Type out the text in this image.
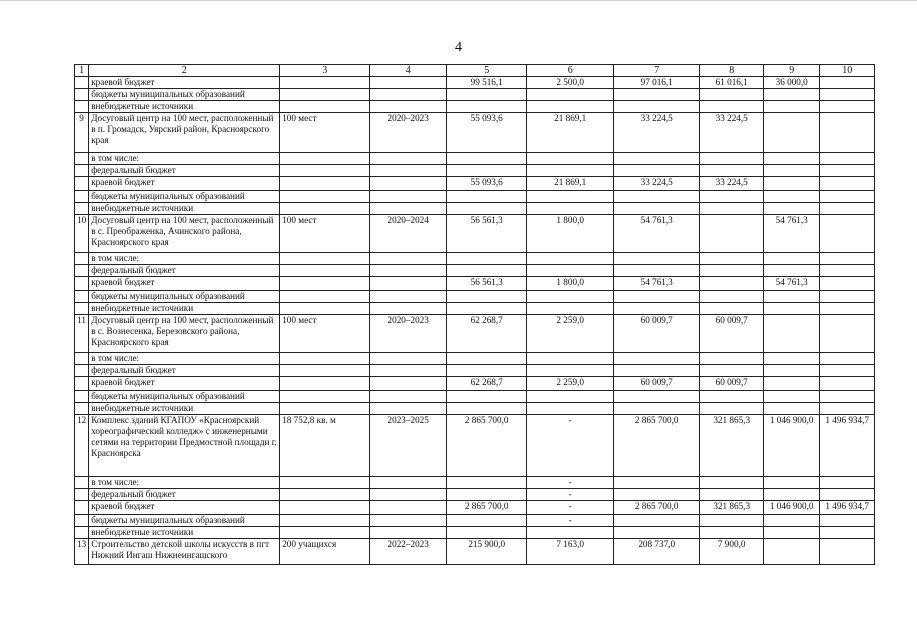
4
1	2	3	4	5	6	7	8	9	10
	краевой бюджет			99 516,1	2 500,0	97 016,1	61 016,1	36 000,0	
	бюджеты муниципальных образований								
	внебюджетные источники								
9	Досуговый центр на 100 мест, расположенный в п. Громадск, Уярский район, Красноярского края	100 мест	2020–2023	55 093,6	21 869,1	33 224,5	33 224,5		
	в том числе:								
	федеральный бюджет								
	краевой бюджет			55 093,6	21 869,1	33 224,5	33 224,5		
	бюджеты муниципальных образований								
	внебюджетные источники								
10	Досуговый центр на 100 мест, расположенный в с. Преображенка, Ачинского района, Красноярского края	100 мест	2020–2024	56 561,3	1 800,0	54 761,3		54 761,3	
	в том числе:								
	федеральный бюджет								
	краевой бюджет			56 561,3	1 800,0	54 761,3		54 761,3	
	бюджеты муниципальных образований								
	внебюджетные источники								
11	Досуговый центр на 100 мест, расположенный в с. Вознесенка, Березовского района, Красноярского края	100 мест	2020–2023	62 268,7	2 259,0	60 009,7	60 009,7		
	в том числе:								
	федеральный бюджет								
	краевой бюджет			62 268,7	2 259,0	60 009,7	60 009,7		
	бюджеты муниципальных образований								
	внебюджетные источники								
12	Комплекс зданий КГАПОУ «Красноярский хореографический колледж» с инженерными сетями на территории Предмостной площади г. Красноярска	18 752,8 кв. м	2023–2025	2 865 700,0	-	2 865 700,0	321 865,3	1 046 900,0	1 496 934,7
	в том числе:				-				
	федеральный бюджет				-				
	краевой бюджет			2 865 700,0	-	2 865 700,0	321 865,3	1 046 900,0	1 496 934,7
	бюджеты муниципальных образований				-				
	внебюджетные источники								
13	Строительство детской школы искусств в пгт Нижний Ингаш Нижнеингашского	200 учащихся	2022–2023	215 900,0	7 163,0	208 737,0	7 900,0		
